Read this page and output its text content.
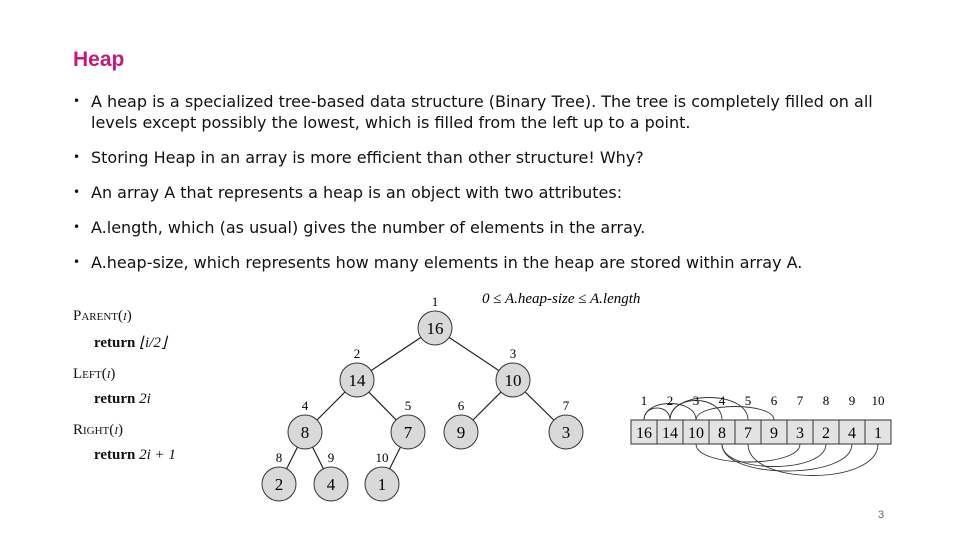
Heap
• A heap is a specialized tree-based data structure (Binary Tree). The tree is completely filled on all levels except possibly the lowest, which is filled from the left up to a point.
• Storing Heap in an array is more efficient than other structure! Why?
• An array A that represents a heap is an object with two attributes:
• A.length, which (as usual) gives the number of elements in the array.
• A.heap-size, which represents how many elements in the heap are stored within array A.
Parent(i)
return ⌊i/2⌋
Left(i)
return 2i
Right(i)
return 2i + 1
0 ≤ A.heap-size ≤ A.length
16
1
14
2
10
3
8
4
7
5
9
6
3
7
2
8
4
9
1
10
1
16
2
14
3
10
4
8
5
7
6
9
7
3
8
2
9
4
10
1
3
